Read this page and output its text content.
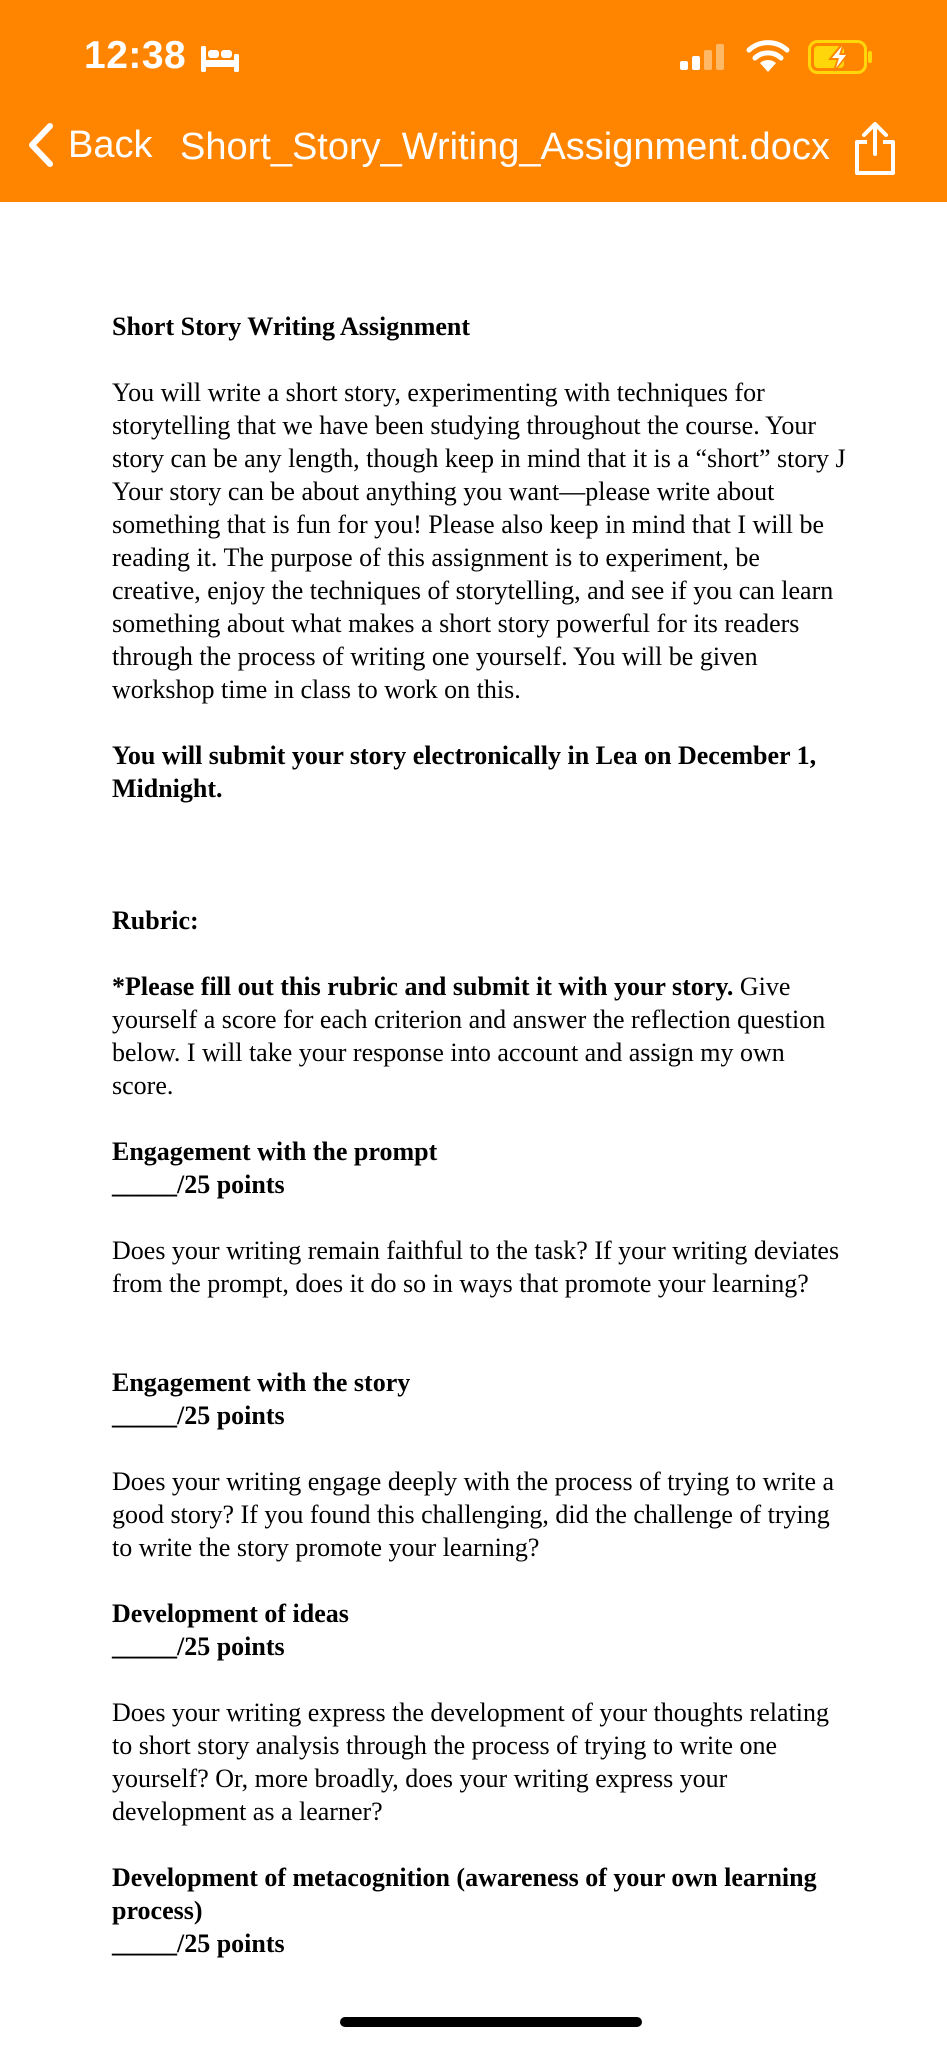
12:38
Back Short_Story_Writing_Assignment.docx

Short Story Writing Assignment

You will write a short story, experimenting with techniques for storytelling that we have been studying throughout the course. Your story can be any length, though keep in mind that it is a “short” story J Your story can be about anything you want—please write about something that is fun for you! Please also keep in mind that I will be reading it. The purpose of this assignment is to experiment, be creative, enjoy the techniques of storytelling, and see if you can learn something about what makes a short story powerful for its readers through the process of writing one yourself. You will be given workshop time in class to work on this.

You will submit your story electronically in Lea on December 1, Midnight.

Rubric:

*Please fill out this rubric and submit it with your story. Give yourself a score for each criterion and answer the reflection question below. I will take your response into account and assign my own score.

Engagement with the prompt

_____/25 points

Does your writing remain faithful to the task? If your writing deviates from the prompt, does it do so in ways that promote your learning?

Engagement with the story

_____/25 points

Does your writing engage deeply with the process of trying to write a good story? If you found this challenging, did the challenge of trying to write the story promote your learning?

Development of ideas

_____/25 points

Does your writing express the development of your thoughts relating to short story analysis through the process of trying to write one yourself? Or, more broadly, does your writing express your development as a learner?

Development of metacognition (awareness of your own learning process)

_____/25 points
